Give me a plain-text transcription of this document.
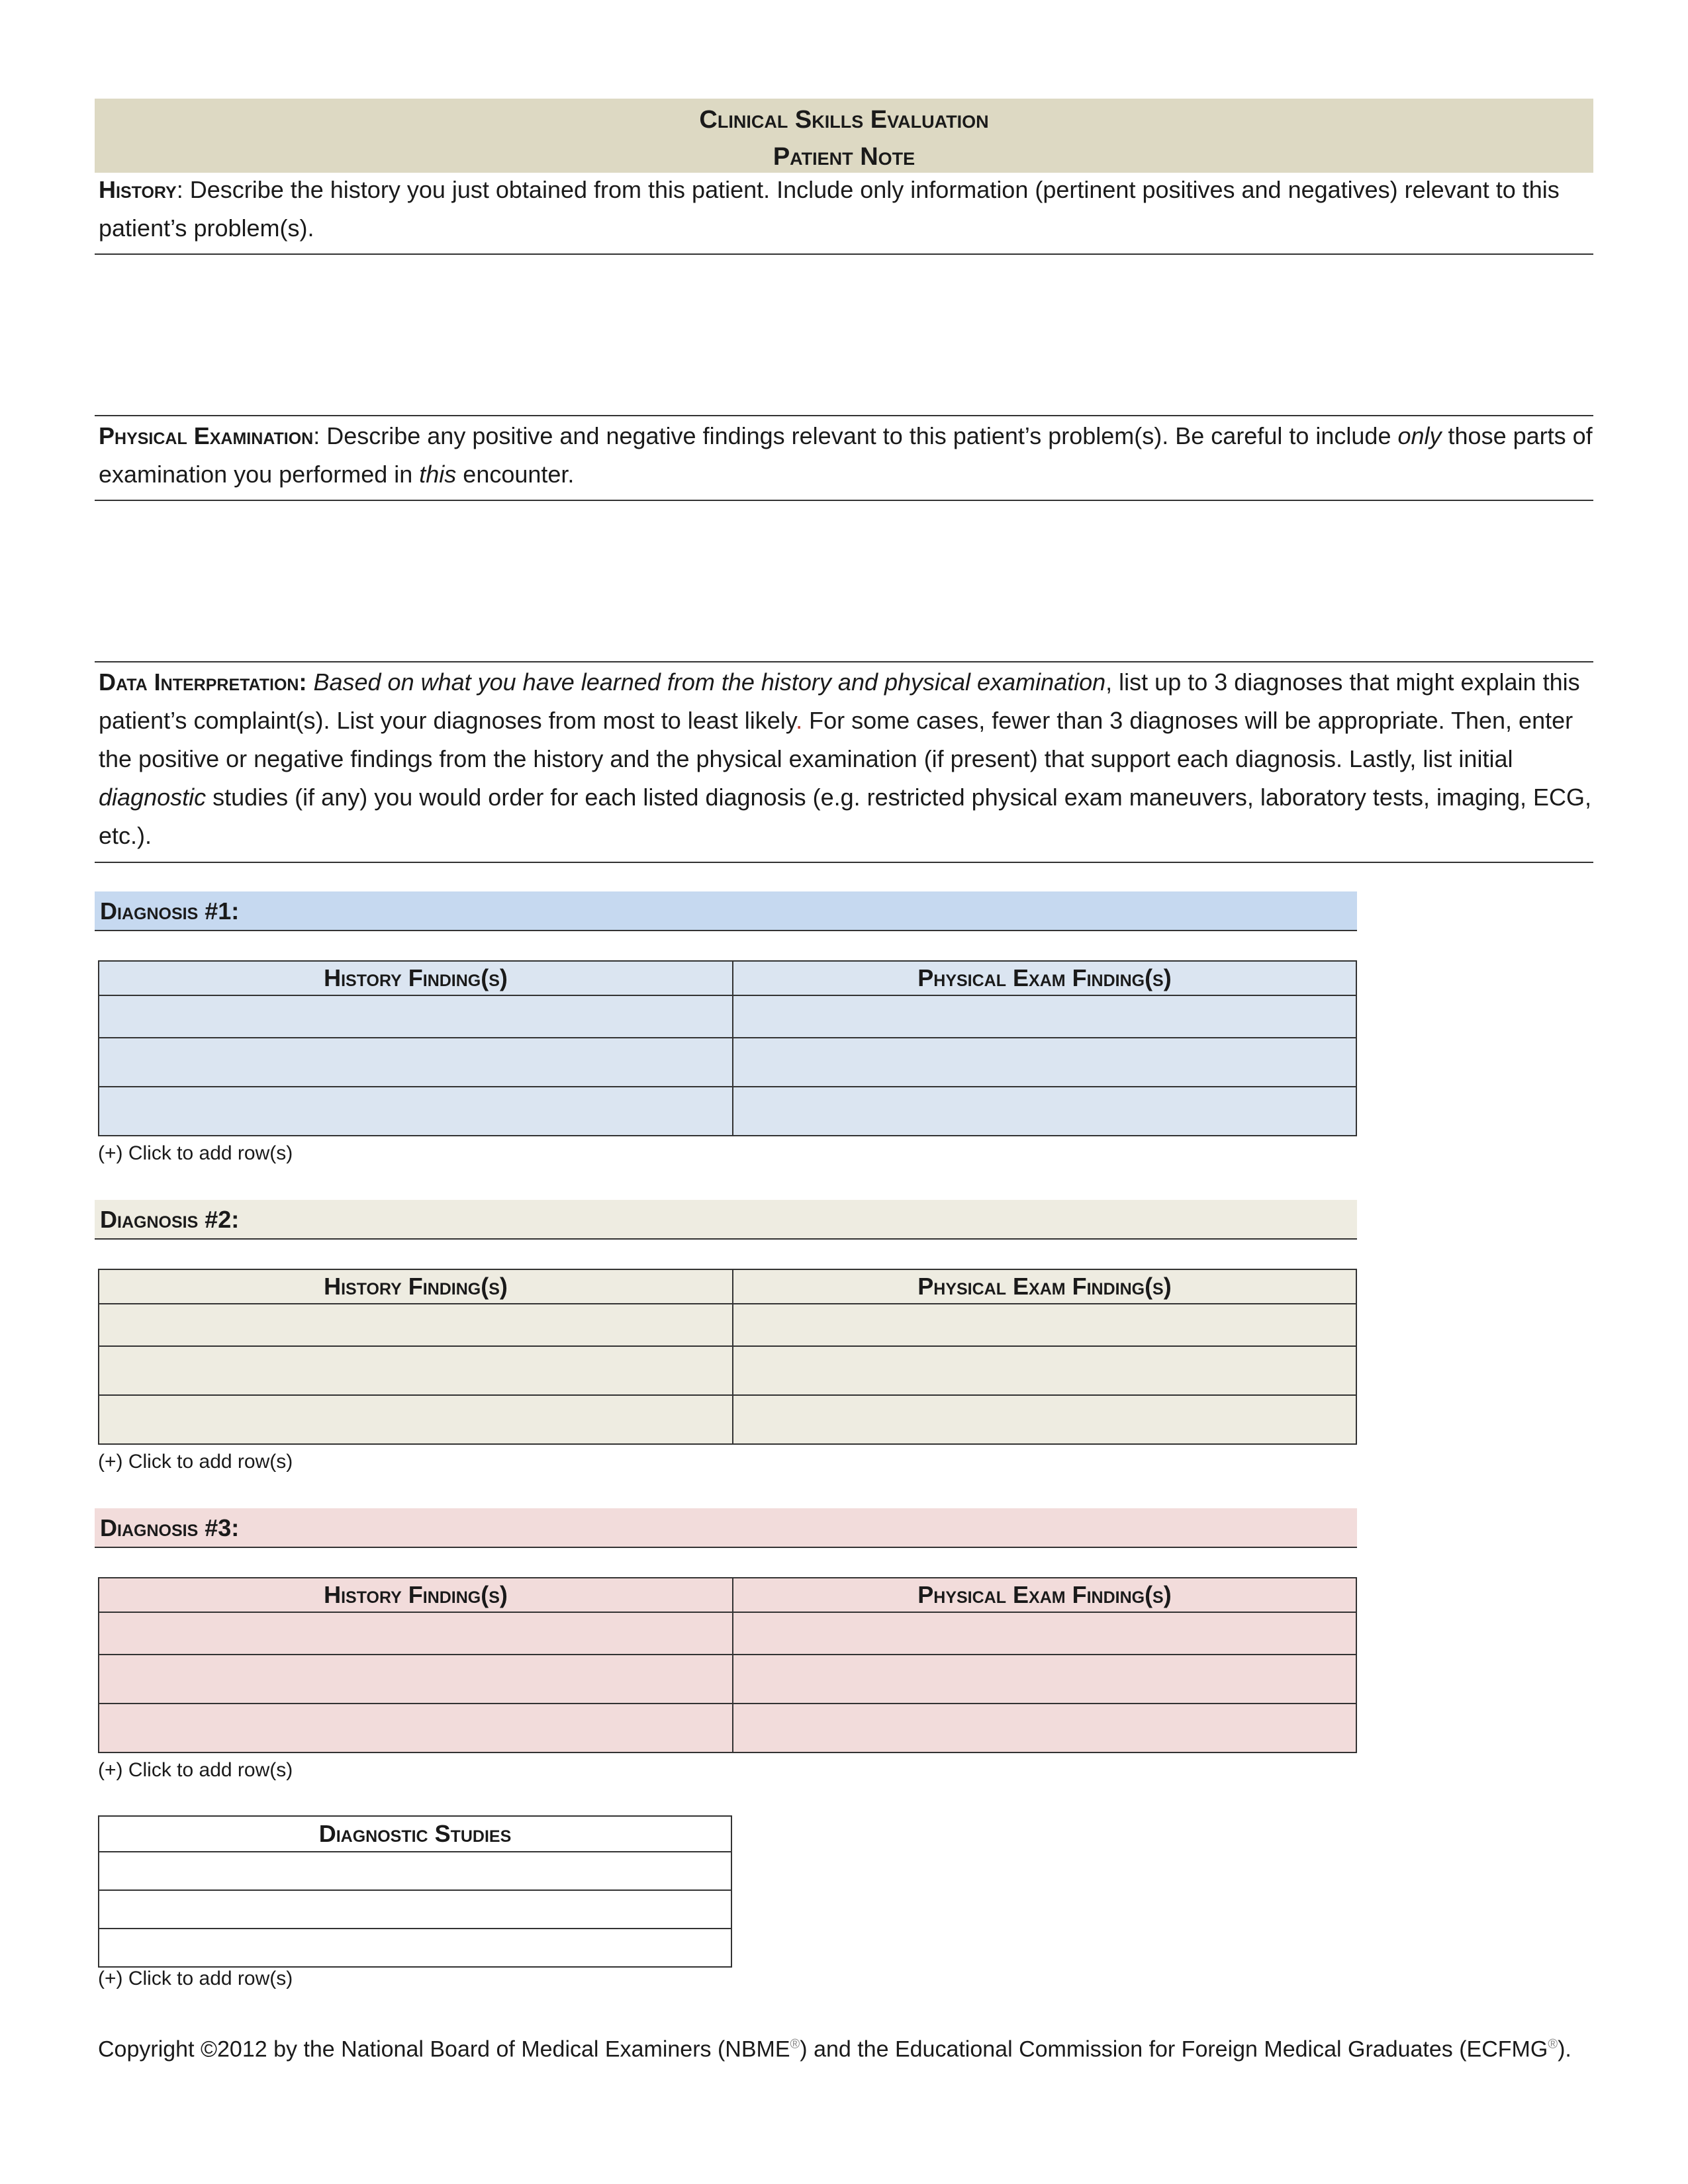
Clinical Skills Evaluation
Patient Note
History: Describe the history you just obtained from this patient. Include only information (pertinent positives and negatives) relevant to this patient’s problem(s).
Physical Examination: Describe any positive and negative findings relevant to this patient’s problem(s). Be careful to include only those parts of examination you performed in this encounter.
Data Interpretation: Based on what you have learned from the history and physical examination, list up to 3 diagnoses that might explain this patient’s complaint(s). List your diagnoses from most to least likely. For some cases, fewer than 3 diagnoses will be appropriate. Then, enter the positive or negative findings from the history and the physical examination (if present) that support each diagnosis. Lastly, list initial diagnostic studies (if any) you would order for each listed diagnosis (e.g. restricted physical exam maneuvers, laboratory tests, imaging, ECG, etc.).
Diagnosis #1:
History Finding(s)	Physical Exam Finding(s)

(+) Click to add row(s)
Diagnosis #2:
History Finding(s)	Physical Exam Finding(s)

(+) Click to add row(s)
Diagnosis #3:
History Finding(s)	Physical Exam Finding(s)

(+) Click to add row(s)
Diagnostic Studies

(+) Click to add row(s)
Copyright ©2012 by the National Board of Medical Examiners (NBME®) and the Educational Commission for Foreign Medical Graduates (ECFMG®).
